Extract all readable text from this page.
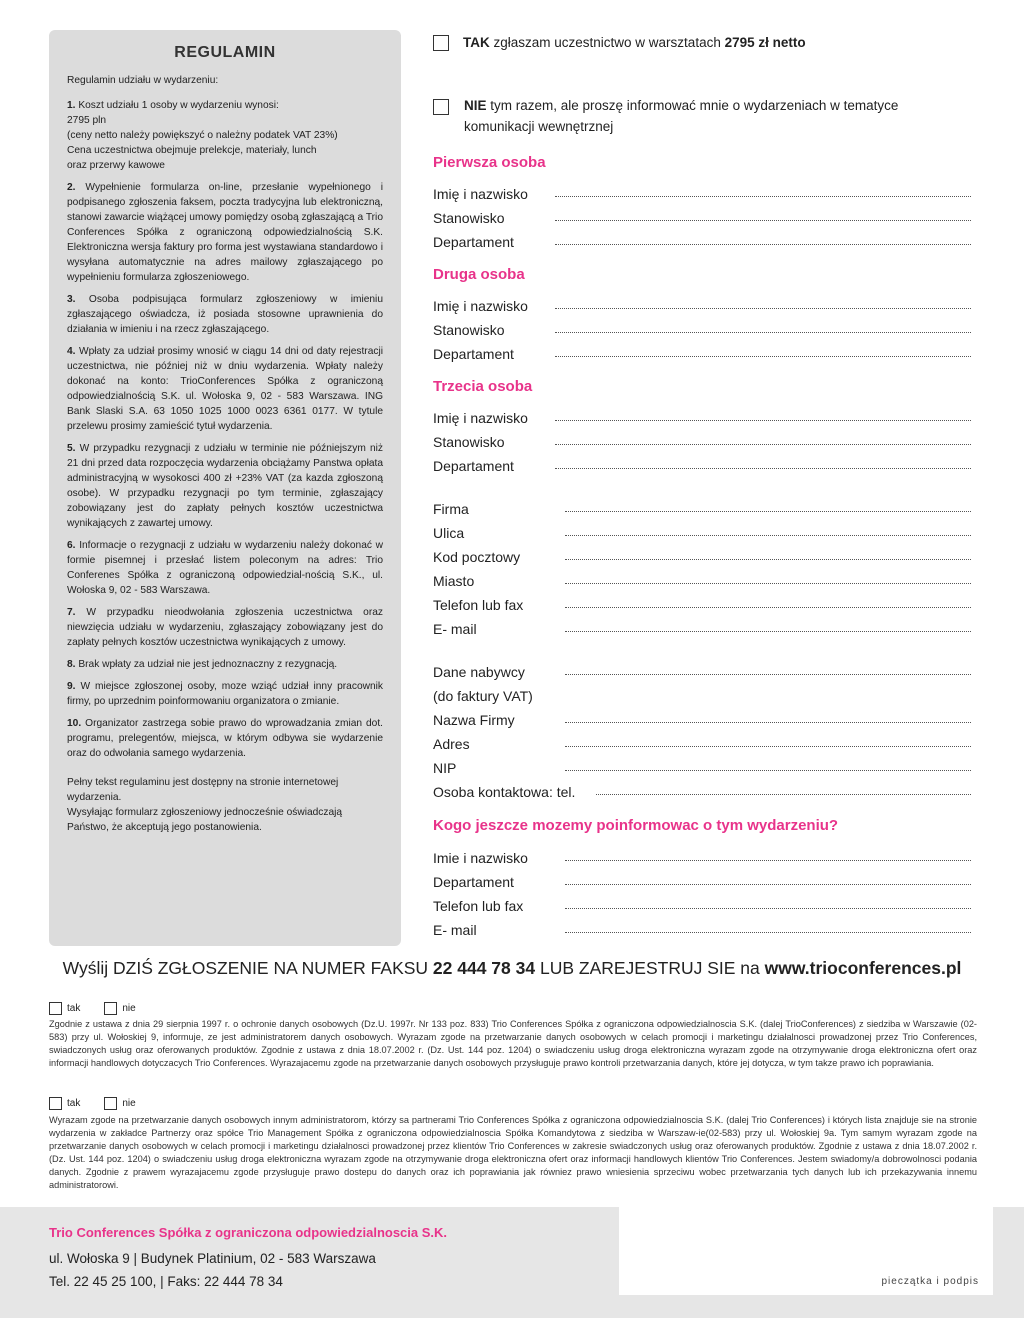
REGULAMIN

Regulamin udziału w wydarzeniu:

1. Koszt udziału 1 osoby w wydarzeniu wynosi:
2795 pln
(ceny netto należy powiększyć o należny podatek VAT 23%)
Cena uczestnictwa obejmuje prelekcje, materiały, lunch
oraz przerwy kawowe

2. Wypełnienie formularza on-line, przesłanie wypełnionego i podpisanego zgłoszenia faksem, poczta tradycyjna lub elektroniczną, stanowi zawarcie wiążącej umowy pomiędzy osobą zgłaszającą a Trio Conferences Spółka z ograniczoną odpowiedzialnością S.K. Elektroniczna wersja faktury pro forma jest wystawiana standardowo i wysyłana automatycznie na adres mailowy zgłaszającego po wypełnieniu formularza zgłoszeniowego.

3. Osoba podpisująca formularz zgłoszeniowy w imieniu zgłaszającego oświadcza, iż posiada stosowne uprawnienia do działania w imieniu i na rzecz zgłaszającego.

4. Wpłaty za udział prosimy wnosić w ciągu 14 dni od daty rejestracji uczestnictwa, nie później niż w dniu wydarzenia. Wpłaty należy dokonać na konto: TrioConferences Spółka z ograniczoną odpowiedzialnością S.K. ul. Wołoska 9, 02 - 583 Warszawa. ING Bank Slaski S.A. 63 1050 1025 1000 0023 6361 0177. W tytule przelewu prosimy zamieścić tytuł wydarzenia.

5. W przypadku rezygnacji z udziału w terminie nie późniejszym niż 21 dni przed data rozpoczęcia wydarzenia obciążamy Panstwa opłata administracyjną w wysokosci 400 zł +23% VAT (za kazda zgłoszoną osobe). W przypadku rezygnacji po tym terminie, zgłaszający zobowiązany jest do zapłaty pełnych kosztów uczestnictwa wynikających z zawartej umowy.

6. Informacje o rezygnacji z udziału w wydarzeniu należy dokonać w formie pisemnej i przesłać listem poleconym na adres: Trio Conferenes Spółka z ograniczoną odpowiedzial-nością S.K., ul. Wołoska 9, 02 - 583 Warszawa.

7. W przypadku nieodwołania zgłoszenia uczestnictwa oraz niewzięcia udziału w wydarzeniu, zgłaszający zobowiązany jest do zapłaty pełnych kosztów uczestnictwa wynikających z umowy.

8. Brak wpłaty za udział nie jest jednoznaczny z rezygnacją.

9. W miejsce zgłoszonej osoby, moze wziąć udział inny pracownik firmy, po uprzednim poinformowaniu organizatora o zmianie.

10. Organizator zastrzega sobie prawo do wprowadzania zmian dot. programu, prelegentów, miejsca, w którym odbywa sie wydarzenie oraz do odwołania samego wydarzenia.

Pełny tekst regulaminu jest dostępny na stronie internetowej wydarzenia.
Wysyłając formularz zgłoszeniowy jednocześnie oświadczają Państwo, że akceptują jego postanowienia.
TAK zgłaszam uczestnictwo w warsztatach 2795 zł netto
NIE tym razem, ale proszę informować mnie o wydarzeniach w tematyce komunikacji wewnętrznej
Pierwsza osoba
Imię i nazwisko
Stanowisko
Departament
Druga osoba
Imię i nazwisko
Stanowisko
Departament
Trzecia osoba
Imię i nazwisko
Stanowisko
Departament
Firma
Ulica
Kod pocztowy
Miasto
Telefon lub fax
E- mail
Dane nabywcy
(do faktury VAT)
Nazwa Firmy
Adres
NIP
Osoba kontaktowa: tel.
Kogo jeszcze mozemy poinformowac o tym wydarzeniu?
Imie i nazwisko
Departament
Telefon lub fax
E- mail
Wyślij DZIŚ ZGŁOSZENIE NA NUMER FAKSU 22 444 78 34 LUB ZAREJESTRUJ SIE na www.trioconferences.pl
tak	nie
Zgodnie z ustawa z dnia 29 sierpnia 1997 r. o ochronie danych osobowych (Dz.U. 1997r. Nr 133 poz. 833) Trio Conferences Spółka z ograniczona odpowiedzialnoscia S.K. (dalej TrioConferences) z siedziba w Warszawie (02-583) przy ul. Wołoskiej 9, informuje, ze jest administratorem danych osobowych. Wyrazam zgode na przetwarzanie danych osobowych w celach promocji i marketingu działalnosci prowadzonej przez Trio Conferences, swiadczonych usług oraz oferowanych produktów. Zgodnie z ustawa z dnia 18.07.2002 r. (Dz. Ust. 144 poz. 1204) o swiadczeniu usług droga elektroniczna wyrazam zgode na otrzymywanie droga elektroniczna ofert oraz informacji handlowych dotyczacych Trio Conferences. Wyrazajacemu zgode na przetwarzanie danych osobowych przysługuje prawo kontroli przetwarzania danych, które jej dotycza, w tym takze prawo ich poprawiania.
tak	nie
Wyrazam zgode na przetwarzanie danych osobowych innym administratorom, którzy sa partnerami Trio Conferences Spółka z ograniczona odpowiedzialnoscia S.K. (dalej Trio Conferences) i których lista znajdujе sie na stronie wydarzenia w zakładce Partnerzy oraz spółce Trio Management Spółka z ograniczona odpowiedzialnoscia Spółka Komandytowa z siedziba w Warszaw-ie(02-583) przy ul. Wołoskiej 9a. Tym samym wyrazam zgode na przetwarzanie danych osobowych w celach promocji i marketingu działalnosci prowadzonej przez klientów Trio Conferences w zakresie swiadczonych usług oraz oferowanych produktów. Zgodnie z ustawa z dnia 18.07.2002 r. (Dz. Ust. 144 poz. 1204) o swiadczeniu usług droga elektroniczna wyrazam zgode na otrzymywanie droga elektroniczna ofert oraz informacji handlowych klientów Trio Conferences. Jestem swiadomy/a dobrowolnosci podania danych. Zgodnie z prawem wyrazajacemu zgode przysługuje prawo dostepu do danych oraz ich poprawiania jak równiez prawo wniesienia sprzeciwu wobec przetwarzania tych danych lub ich przekazywania innemu administratorowi.
Trio Conferences Spółka z ograniczona odpowiedzialnoscia S.K.
ul. Wołoska 9 | Budynek Platinium, 02 - 583 Warszawa
Tel. 22 45 25 100, | Faks: 22 444 78 34	pieczątka i podpis
